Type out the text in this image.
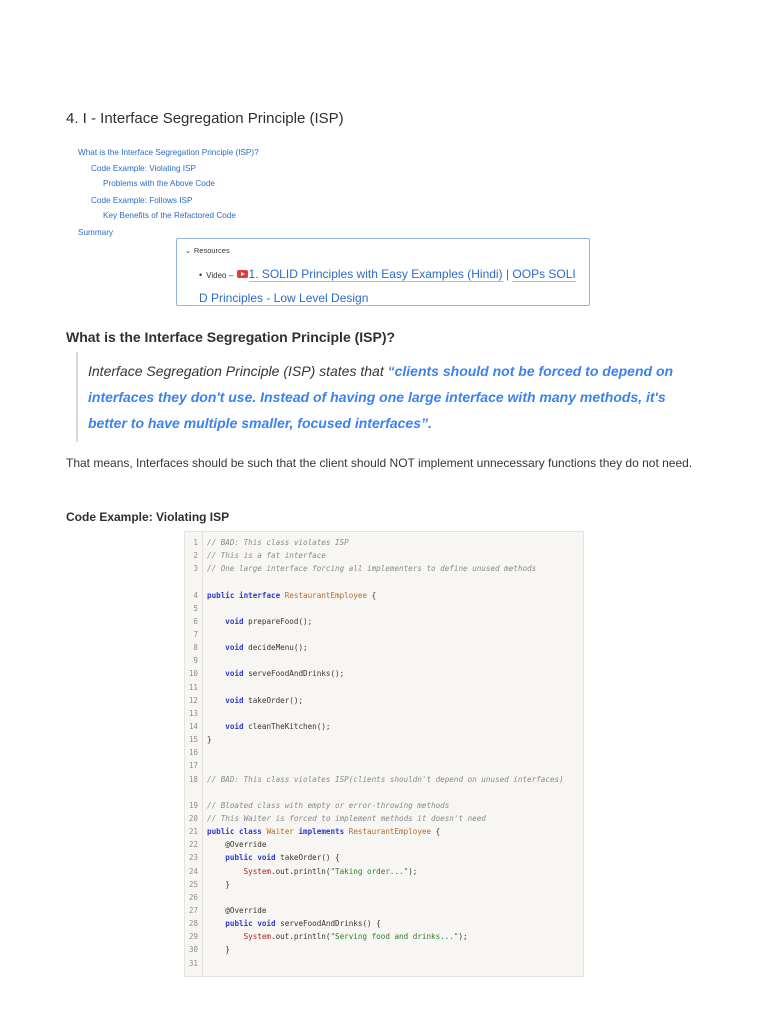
4. I - Interface Segregation Principle (ISP)
What is the Interface Segregation Principle (ISP)?
Code Example: Violating ISP
Problems with the Above Code
Code Example: Follows ISP
Key Benefits of the Refactored Code
Summary
⌄ Resources
• Video – 1. SOLID Principles with Easy Examples (Hindi) | OOPs SOLI
D Principles - Low Level Design
What is the Interface Segregation Principle (ISP)?

Interface Segregation Principle (ISP) states that “clients should not be forced to depend on interfaces they don't use. Instead of having one large interface with many methods, it's better to have multiple smaller, focused interfaces”.

That means, Interfaces should be such that the client should NOT implement unnecessary functions they do not need.

Code Example: Violating ISP
1 // BAD: This class violates ISP
2 // This is a fat interface
3 // One large interface forcing all implementers to define unused methods
4 public interface RestaurantEmployee {
5
6	void prepareFood();
7
8	void decideMenu();
9
10	void serveFoodAndDrinks();
11
12	void takeOrder();
13
14	void cleanTheKitchen();
15 }
16
17
18 // BAD: This class violates ISP(clients shouldn't depend on unused interfaces)
19 // Bloated class with empty or error-throwing methods
20 // This Waiter is forced to implement methods it doesn't need
21 public class Waiter implements RestaurantEmployee {
22 @Override
23	public void takeOrder() {
24	System.out.println("Taking order...");
25 }
26
27 @Override
28	public void serveFoodAndDrinks() {
29	System.out.println("Serving food and drinks...");
30 }
31
